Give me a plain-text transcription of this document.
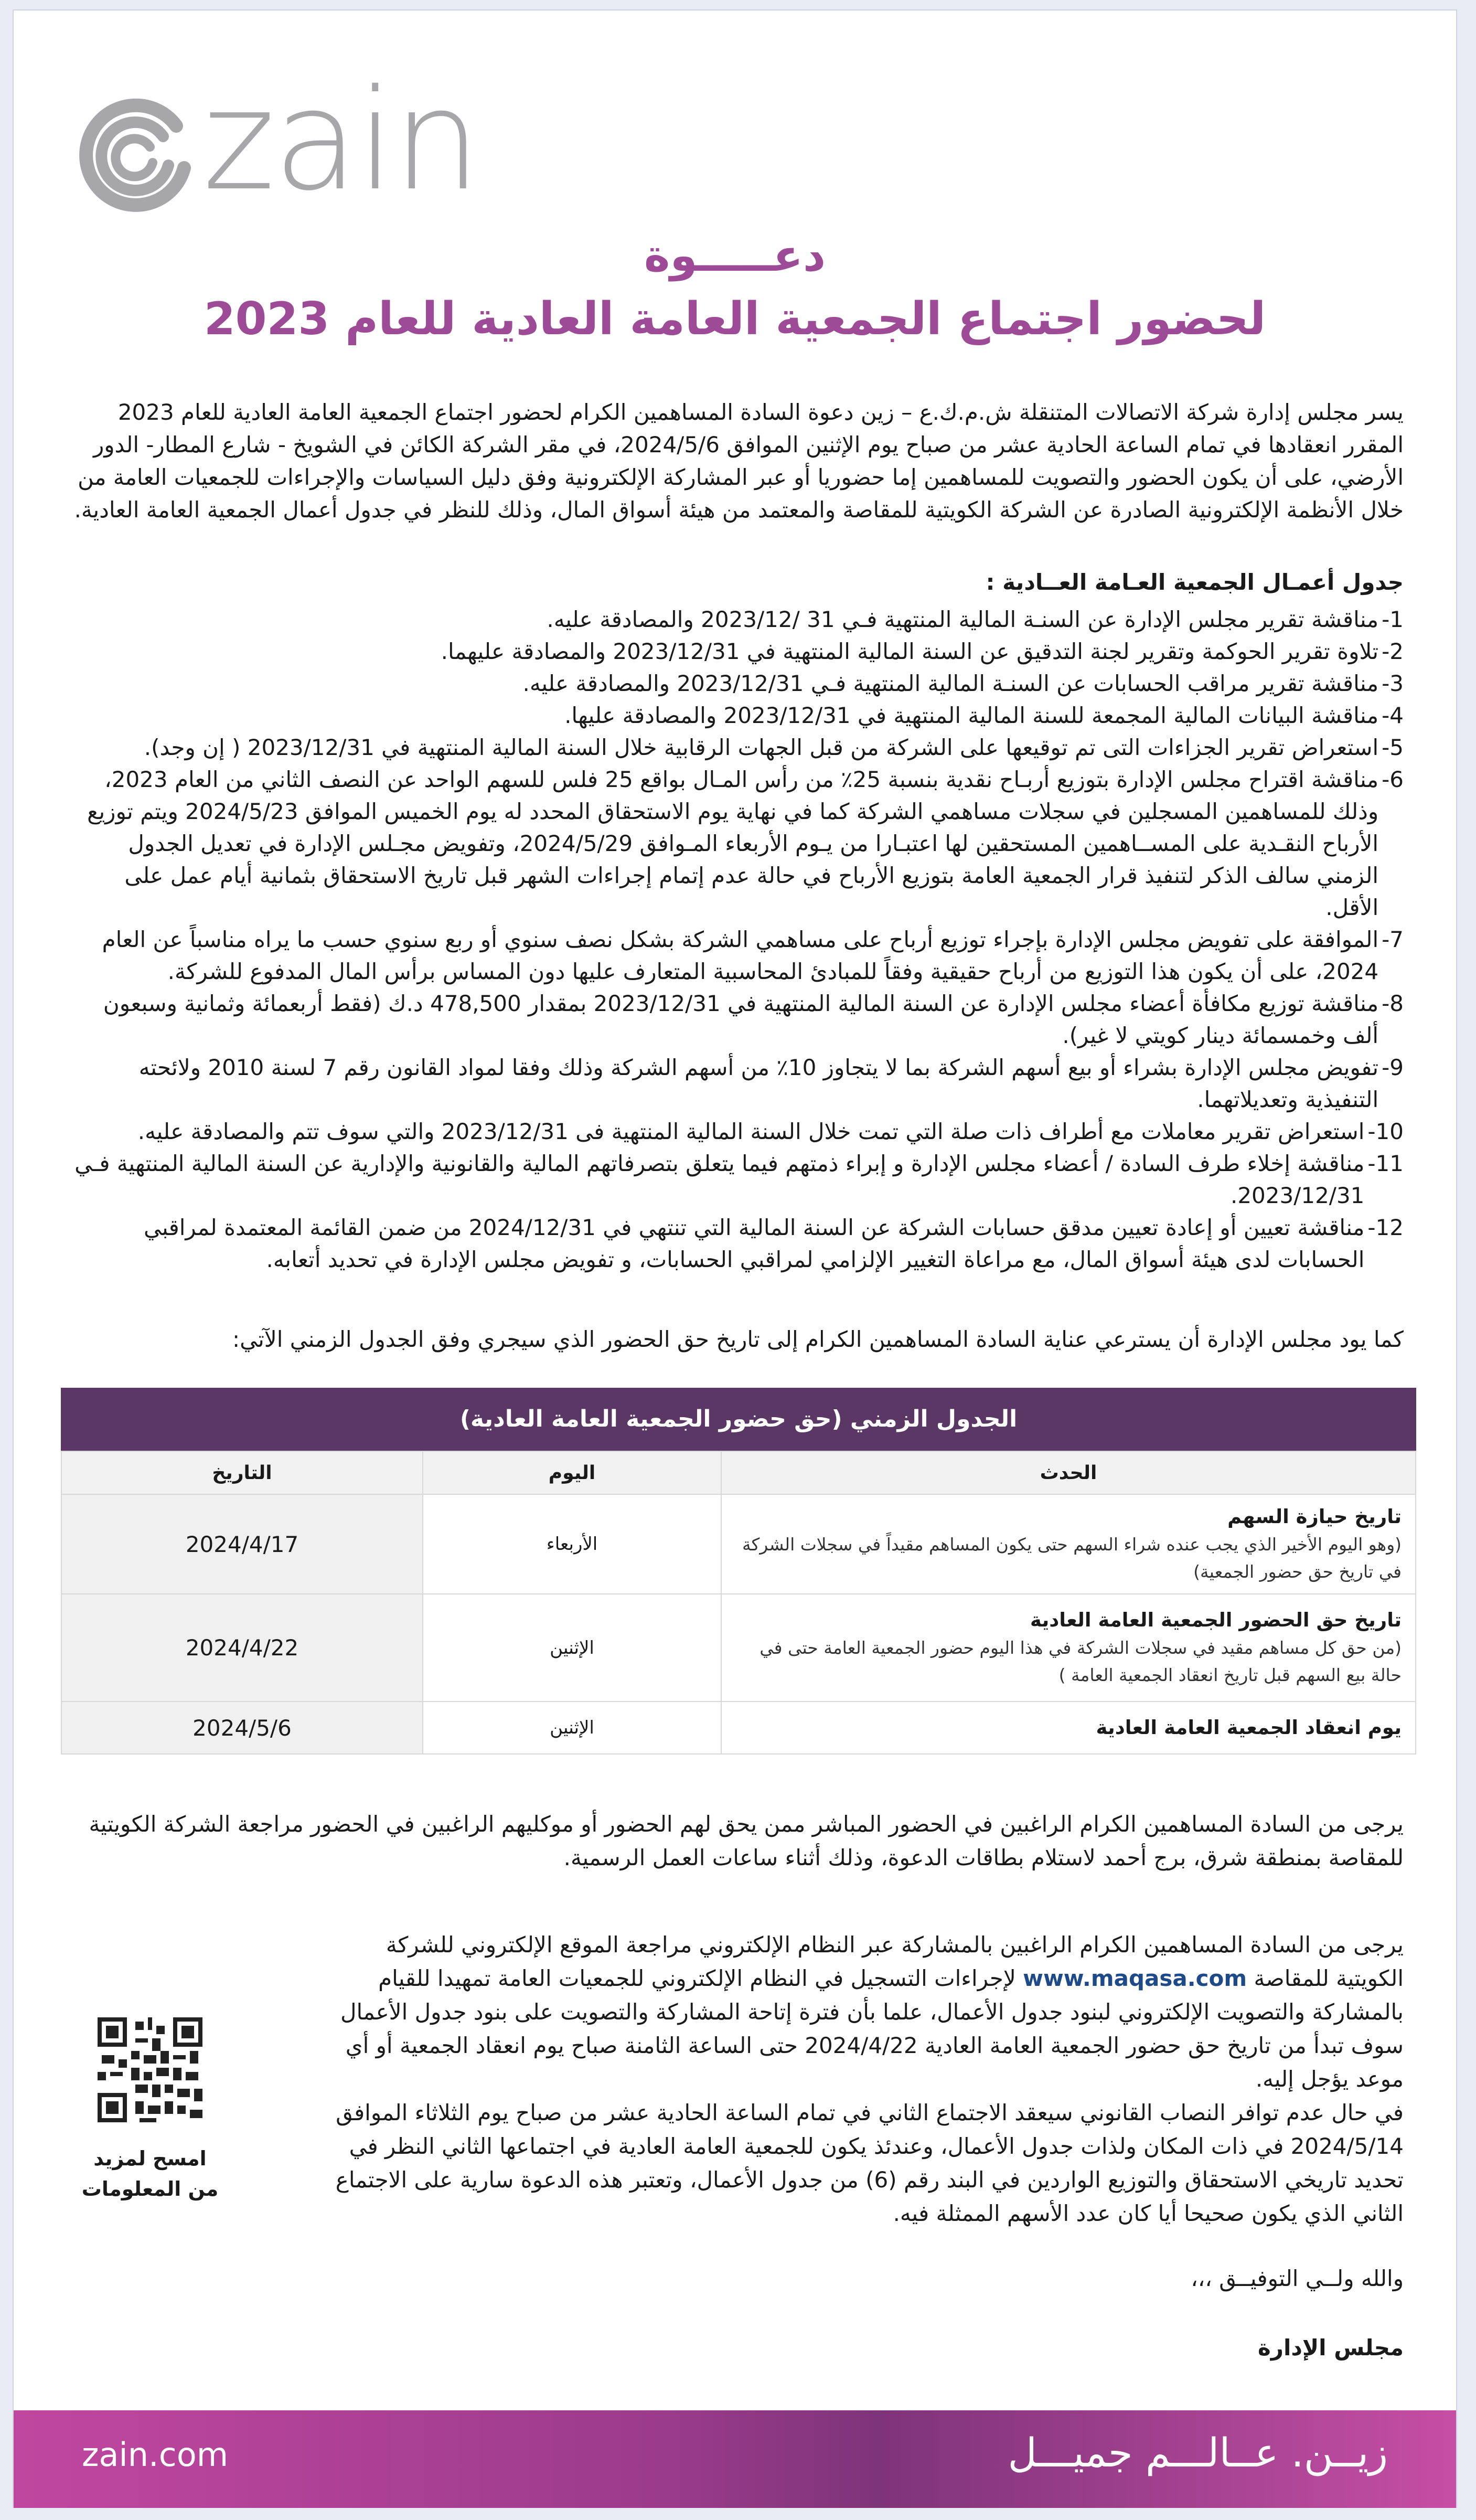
zain
دعـــــوة
لحضور اجتماع الجمعية العامة العادية للعام 2023
يسر مجلس إدارة شركة الاتصالات المتنقلة ش.م.ك.ع – زين دعوة السادة المساهمين الكرام لحضور اجتماع الجمعية العامة العادية للعام 2023 المقرر انعقادها في تمام الساعة الحادية عشر من صباح يوم الإثنين الموافق 2024/5/6، في مقر الشركة الكائن في الشويخ - شارع المطار- الدور الأرضي، على أن يكون الحضور والتصويت للمساهمين إما حضوريا أو عبر المشاركة الإلكترونية وفق دليل السياسات والإجراءات للجمعيات العامة من خلال الأنظمة الإلكترونية الصادرة عن الشركة الكويتية للمقاصة والمعتمد من هيئة أسواق المال، وذلك للنظر في جدول أعمال الجمعية العامة العادية.
جدول أعمـال الجمعية العـامة العــادية :
1-
مناقشة تقرير مجلس الإدارة عن السنـة المالية المنتهية فـي 31 /2023/12 والمصادقة عليه.
2-
تلاوة تقرير الحوكمة وتقرير لجنة التدقيق عن السنة المالية المنتهية في 2023/12/31 والمصادقة عليهما.
3-
مناقشة تقرير مراقب الحسابات عن السنـة المالية المنتهية فـي 2023/12/31 والمصادقة عليه.
4-
مناقشة البيانات المالية المجمعة للسنة المالية المنتهية في 2023/12/31 والمصادقة عليها.
5-
استعراض تقرير الجزاءات التى تم توقيعها على الشركة من قبل الجهات الرقابية خلال السنة المالية المنتهية في 2023/12/31 ( إن وجد).
6-
مناقشة اقتراح مجلس الإدارة بتوزيع أربـاح نقدية بنسبة 25٪ من رأس المـال بواقع 25 فلس للسهم الواحد عن النصف الثاني من العام 2023، وذلك للمساهمين المسجلين في سجلات مساهمي الشركة كما في نهاية يوم الاستحقاق المحدد له يوم الخميس الموافق 2024/5/23 ويتم توزيع الأرباح النقـدية على المســاهمين المستحقين لها اعتبـارا من يـوم الأربعاء المـوافق 2024/5/29، وتفويض مجـلس الإدارة في تعديل الجدول الزمني سالف الذكر لتنفيذ قرار الجمعية العامة بتوزيع الأرباح في حالة عدم إتمام إجراءات الشهر قبل تاريخ الاستحقاق بثمانية أيام عمل على الأقل.
7-
الموافقة على تفويض مجلس الإدارة بإجراء توزيع أرباح على مساهمي الشركة بشكل نصف سنوي أو ربع سنوي حسب ما يراه مناسباً عن العام 2024، على أن يكون هذا التوزيع من أرباح حقيقية وفقاً للمبادئ المحاسبية المتعارف عليها دون المساس برأس المال المدفوع للشركة.
8-
مناقشة توزيع مكافأة أعضاء مجلس الإدارة عن السنة المالية المنتهية في 2023/12/31 بمقدار 478,500 د.ك (فقط أربعمائة وثمانية وسبعون ألف وخمسمائة دينار كويتي لا غير).
9-
تفويض مجلس الإدارة بشراء أو بيع أسهم الشركة بما لا يتجاوز 10٪ من أسهم الشركة وذلك وفقا لمواد القانون رقم 7 لسنة 2010 ولائحته التنفيذية وتعديلاتهما.
10-
استعراض تقرير معاملات مع أطراف ذات صلة التي تمت خلال السنة المالية المنتهية فى 2023/12/31 والتي سوف تتم والمصادقة عليه.
11-
مناقشة إخلاء طرف السادة / أعضاء مجلس الإدارة و إبراء ذمتهم فيما يتعلق بتصرفاتهم المالية والقانونية والإدارية عن السنة المالية المنتهية فـي 2023/12/31.
12-
مناقشة تعيين أو إعادة تعيين مدقق حسابات الشركة عن السنة المالية التي تنتهي في 2024/12/31 من ضمن القائمة المعتمدة لمراقبي الحسابات لدى هيئة أسواق المال، مع مراعاة التغيير الإلزامي لمراقبي الحسابات، و تفويض مجلس الإدارة في تحديد أتعابه.
كما يود مجلس الإدارة أن يسترعي عناية السادة المساهمين الكرام إلى تاريخ حق الحضور الذي سيجري وفق الجدول الزمني الآتي:
الجدول الزمني (حق حضور الجمعية العامة العادية)
الحدث	اليوم	التاريخ
تاريخ حيازة السهم
(وهو اليوم الأخير الذي يجب عنده شراء السهم حتى يكون المساهم مقيداً في سجلات الشركة في تاريخ حق حضور الجمعية)	الأربعاء	2024/4/17
تاريخ حق الحضور الجمعية العامة العادية
(من حق كل مساهم مقيد في سجلات الشركة في هذا اليوم حضور الجمعية العامة حتى في حالة بيع السهم قبل تاريخ انعقاد الجمعية العامة )	الإثنين	2024/4/22
يوم انعقاد الجمعية العامة العادية	الإثنين	2024/5/6
يرجى من السادة المساهمين الكرام الراغبين في الحضور المباشر ممن يحق لهم الحضور أو موكليهم الراغبين في الحضور مراجعة الشركة الكويتية للمقاصة بمنطقة شرق، برج أحمد لاستلام بطاقات الدعوة، وذلك أثناء ساعات العمل الرسمية.
يرجى من السادة المساهمين الكرام الراغبين بالمشاركة عبر النظام الإلكتروني مراجعة الموقع الإلكتروني للشركة الكويتية للمقاصة www.maqasa.com لإجراءات التسجيل في النظام الإلكتروني للجمعيات العامة تمهيدا للقيام بالمشاركة والتصويت الإلكتروني لبنود جدول الأعمال، علما بأن فترة إتاحة المشاركة والتصويت على بنود جدول الأعمال سوف تبدأ من تاريخ حق حضور الجمعية العامة العادية 2024/4/22 حتى الساعة الثامنة صباح يوم انعقاد الجمعية أو أي موعد يؤجل إليه.
في حال عدم توافر النصاب القانوني سيعقد الاجتماع الثاني في تمام الساعة الحادية عشر من صباح يوم الثلاثاء الموافق 2024/5/14 في ذات المكان ولذات جدول الأعمال، وعندئذ يكون للجمعية العامة العادية في اجتماعها الثاني النظر في تحديد تاريخي الاستحقاق والتوزيع الواردين في البند رقم (6) من جدول الأعمال، وتعتبر هذه الدعوة سارية على الاجتماع الثاني الذي يكون صحيحا أيا كان عدد الأسهم الممثلة فيه.
والله ولــي التوفيــق ،،،
مجلس الإدارة
امسح لمزيد
من المعلومات
zain.com	زيــن. عــالـــم جميـــل
